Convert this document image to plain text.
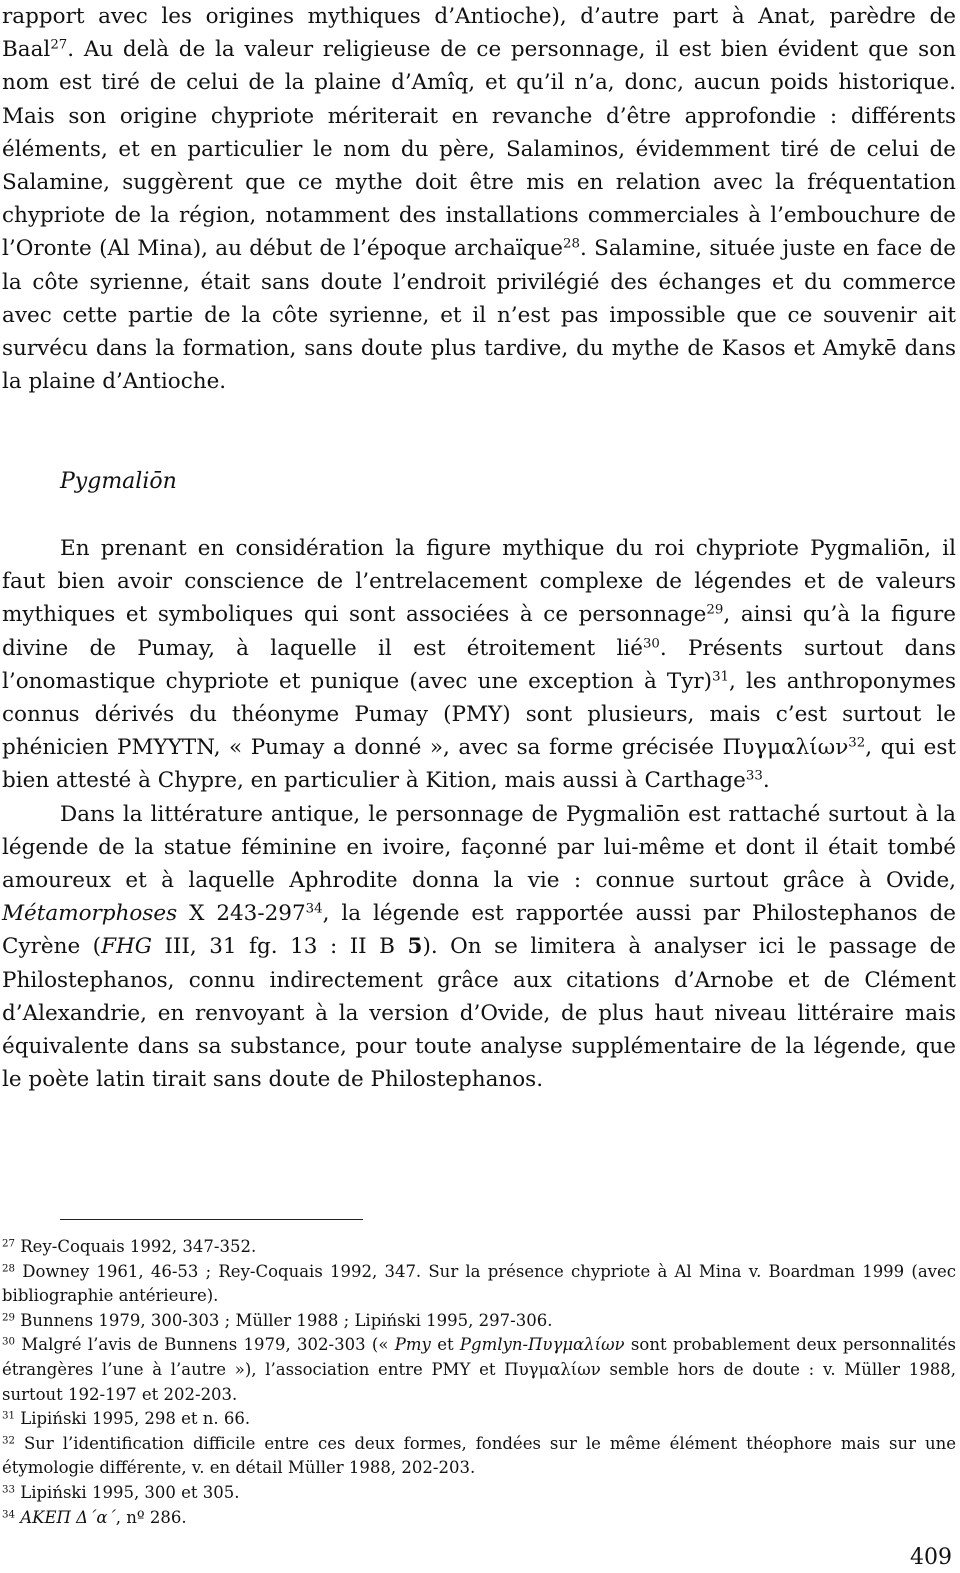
rapport avec les origines mythiques d’Antioche), d’autre part à Anat, parèdre de Baal$^{27}$. Au delà de la valeur religieuse de ce personnage, il est bien évident que son nom est tiré de celui de la plaine d’Amîq, et qu’il n’a, donc, aucun poids historique. Mais son origine chypriote mériterait en revanche d’être approfondie : différents éléments, et en particulier le nom du père, Salaminos, évidemment tiré de celui de Salamine, suggèrent que ce mythe doit être mis en relation avec la fréquentation chypriote de la région, notamment des installations commerciales à l’embouchure de l’Oronte (Al Mina), au début de l’époque archaïque$^{28}$. Salamine, située juste en face de la côte syrienne, était sans doute l’endroit privilégié des échanges et du commerce avec cette partie de la côte syrienne, et il n’est pas impossible que ce souvenir ait survécu dans la formation, sans doute plus tardive, du mythe de Kasos et Amykē dans la plaine d’Antioche.

Pygmaliōn

En prenant en considération la figure mythique du roi chypriote Pygmaliōn, il faut bien avoir conscience de l’entrelacement complexe de légendes et de valeurs mythiques et symboliques qui sont associées à ce personnage$^{29}$, ainsi qu’à la figure divine de Pumay, à laquelle il est étroitement lié$^{30}$. Présents surtout dans l’onomastique chypriote et punique (avec une exception à Tyr)$^{31}$, les anthroponymes connus dérivés du théonyme Pumay (PMY) sont plusieurs, mais c’est surtout le phénicien PMYYTN, « Pumay a donné », avec sa forme grécisée Πυγμαλίων$^{32}$, qui est bien attesté à Chypre, en particulier à Kition, mais aussi à Carthage$^{33}$.

Dans la littérature antique, le personnage de Pygmaliōn est rattaché surtout à la légende de la statue féminine en ivoire, façonné par lui-même et dont il était tombé amoureux et à laquelle Aphrodite donna la vie : connue surtout grâce à Ovide, Métamorphoses X $243-297^{34}$, la légende est rapportée aussi par Philostephanos de Cyrène (FHG III, 31 fg. 13 : II B 5). On se limitera à analyser ici le passage de Philostephanos, connu indirectement grâce aux citations d’Arnobe et de Clément d’Alexandrie, en renvoyant à la version d’Ovide, de plus haut niveau littéraire mais équivalente dans sa substance, pour toute analyse supplémentaire de la légende, que le poète latin tirait sans doute de Philostephanos.

$^{27}$ Rey-Coquais 1992, 347-352.

$^{28}$ Downey 1961, 46-53 ; Rey-Coquais 1992, 347. Sur la présence chypriote à Al Mina v. Boardman 1999 (avec bibliographie antérieure).

$^{29}$ Bunnens 1979, 300-303 ; Müller 1988 ; Lipiński 1995, 297-306.

$^{30}$ Malgré l’avis de Bunnens 1979, 302-303 (« Pmy et Pgmlyn-Πυγμαλίων sont probablement deux personnalités étrangères l’une à l’autre »), l’association entre PMY et Πυγμαλίων semble hors de doute : v. Müller 1988, surtout 192-197 et 202-203.

$^{31}$ Lipiński 1995, 298 et n. 66.

$^{32}$ Sur l’identification difficile entre ces deux formes, fondées sur le même élément théophore mais sur une étymologie différente, v. en détail Müller 1988, 202-203.

$^{33}$ Lipiński 1995, 300 et 305.

$^{34}$ ΑΚΕΠ Δ΄α΄, nº 286.

409
